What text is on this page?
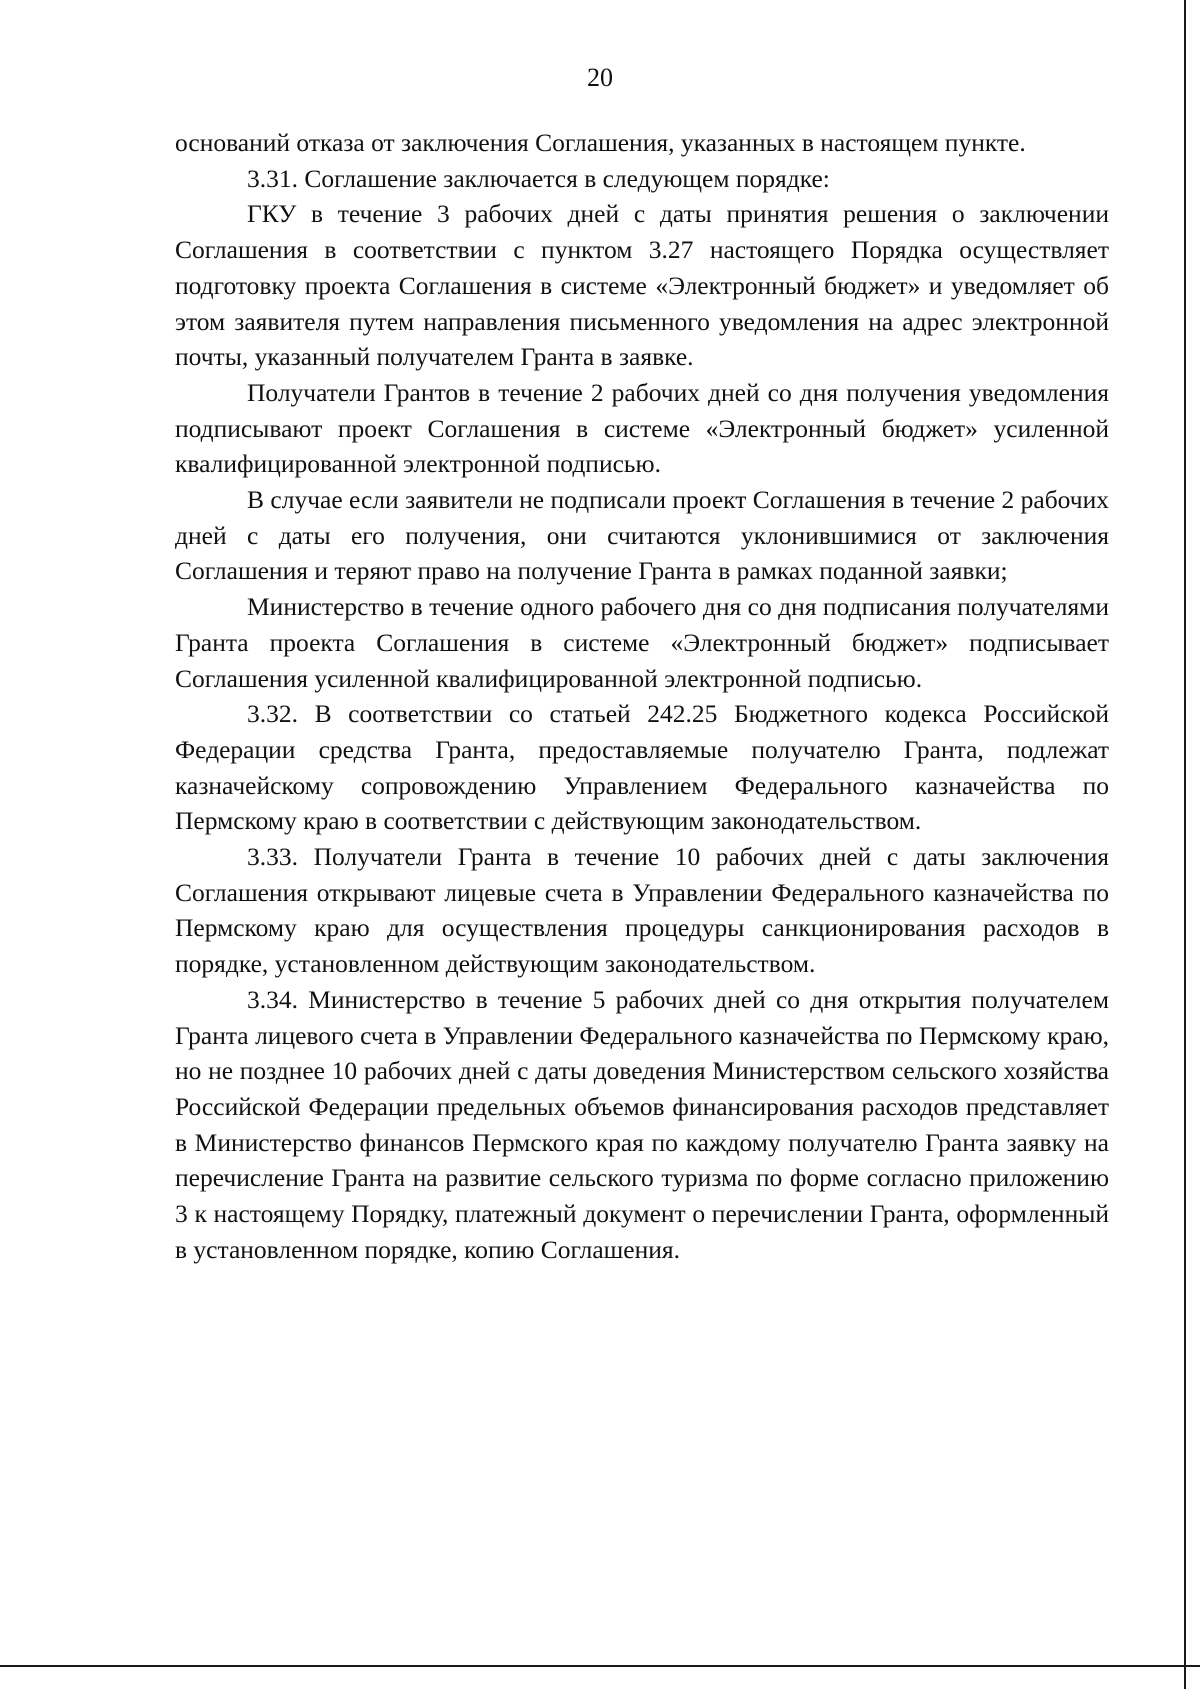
20

оснований отказа от заключения Соглашения, указанных в настоящем пункте.

3.31. Соглашение заключается в следующем порядке:

ГКУ в течение 3 рабочих дней с даты принятия решения о заключении Соглашения в соответствии с пунктом 3.27 настоящего Порядка осуществляет подготовку проекта Соглашения в системе «Электронный бюджет» и уведомляет об этом заявителя путем направления письменного уведомления на адрес электронной почты, указанный получателем Гранта в заявке.

Получатели Грантов в течение 2 рабочих дней со дня получения уведомления подписывают проект Соглашения в системе «Электронный бюджет» усиленной квалифицированной электронной подписью.

В случае если заявители не подписали проект Соглашения в течение 2 рабочих дней с даты его получения, они считаются уклонившимися от заключения Соглашения и теряют право на получение Гранта в рамках поданной заявки;

Министерство в течение одного рабочего дня со дня подписания получателями Гранта проекта Соглашения в системе «Электронный бюджет» подписывает Соглашения усиленной квалифицированной электронной подписью.

3.32. В соответствии со статьей 242.25 Бюджетного кодекса Российской Федерации средства Гранта, предоставляемые получателю Гранта, подлежат казначейскому сопровождению Управлением Федерального казначейства по Пермскому краю в соответствии с действующим законодательством.

3.33. Получатели Гранта в течение 10 рабочих дней с даты заключения Соглашения открывают лицевые счета в Управлении Федерального казначейства по Пермскому краю для осуществления процедуры санкционирования расходов в порядке, установленном действующим законодательством.

3.34. Министерство в течение 5 рабочих дней со дня открытия получателем Гранта лицевого счета в Управлении Федерального казначейства по Пермскому краю, но не позднее 10 рабочих дней с даты доведения Министерством сельского хозяйства Российской Федерации предельных объемов финансирования расходов представляет в Министерство финансов Пермского края по каждому получателю Гранта заявку на перечисление Гранта на развитие сельского туризма по форме согласно приложению 3 к настоящему Порядку, платежный документ о перечислении Гранта, оформленный в установленном порядке, копию Соглашения.
